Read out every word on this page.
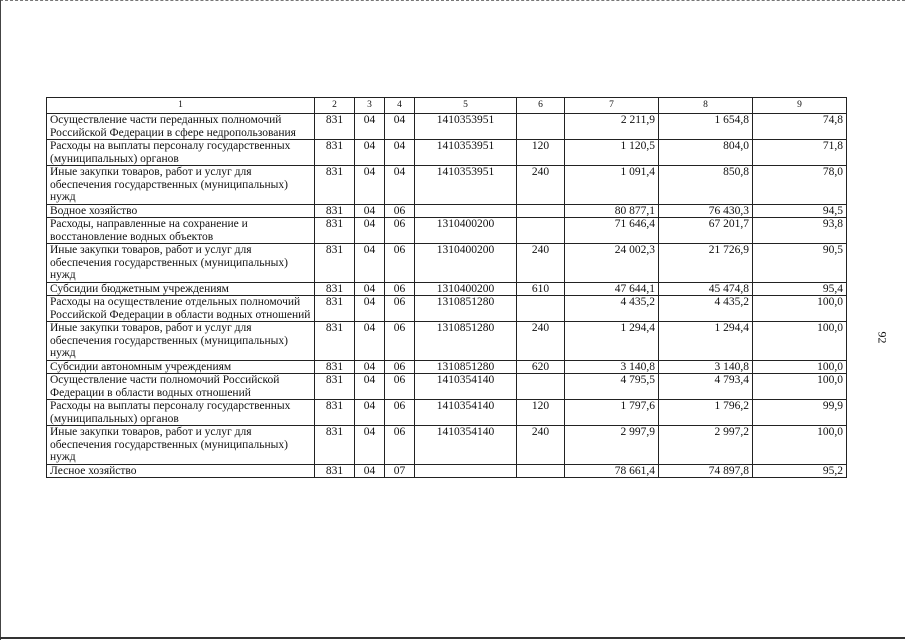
92
1	2	3	4	5	6	7	8	9
Осуществление части переданных полномочий Российской Федерации в сфере недропользования	831	04	04	1410353951		2 211,9	1 654,8	74,8
Расходы на выплаты персоналу государственных (муниципальных) органов	831	04	04	1410353951	120	1 120,5	804,0	71,8
Иные закупки товаров, работ и услуг для обеспечения государственных (муниципальных) нужд	831	04	04	1410353951	240	1 091,4	850,8	78,0
Водное хозяйство	831	04	06			80 877,1	76 430,3	94,5
Расходы, направленные на сохранение и восстановление водных объектов	831	04	06	1310400200		71 646,4	67 201,7	93,8
Иные закупки товаров, работ и услуг для обеспечения государственных (муниципальных) нужд	831	04	06	1310400200	240	24 002,3	21 726,9	90,5
Субсидии бюджетным учреждениям	831	04	06	1310400200	610	47 644,1	45 474,8	95,4
Расходы на осуществление отдельных полномочий Российской Федерации в области водных отношений	831	04	06	1310851280		4 435,2	4 435,2	100,0
Иные закупки товаров, работ и услуг для обеспечения государственных (муниципальных) нужд	831	04	06	1310851280	240	1 294,4	1 294,4	100,0
Субсидии автономным учреждениям	831	04	06	1310851280	620	3 140,8	3 140,8	100,0
Осуществление части полномочий Российской Федерации в области водных отношений	831	04	06	1410354140		4 795,5	4 793,4	100,0
Расходы на выплаты персоналу государственных (муниципальных) органов	831	04	06	1410354140	120	1 797,6	1 796,2	99,9
Иные закупки товаров, работ и услуг для обеспечения государственных (муниципальных) нужд	831	04	06	1410354140	240	2 997,9	2 997,2	100,0
Лесное хозяйство	831	04	07			78 661,4	74 897,8	95,2
